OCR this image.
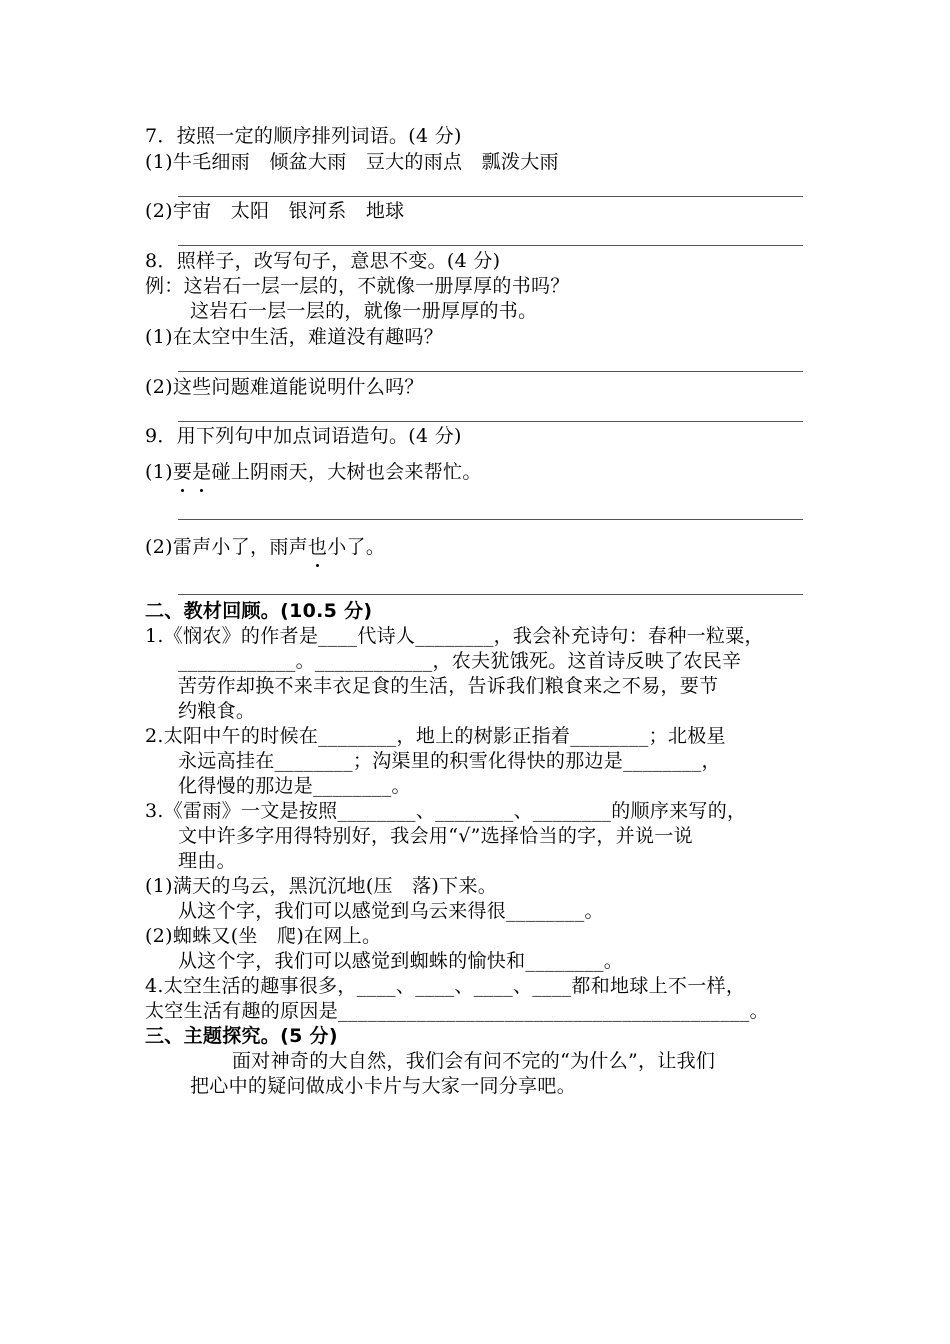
7．按照一定的顺序排列词语。(4 分)
(1)牛毛细雨　倾盆大雨　豆大的雨点　瓢泼大雨
(2)宇宙　太阳　银河系　地球
8．照样子，改写句子，意思不变。(4 分)
例：这岩石一层一层的，不就像一册厚厚的书吗？
这岩石一层一层的，就像一册厚厚的书。
(1)在太空中生活，难道没有趣吗？
(2)这些问题难道能说明什么吗？
9．用下列句中加点词语造句。(4 分)
(1)要是碰上阴雨天，大树也会来帮忙。
(2)雷声小了，雨声也小了。
二、教材回顾。(10.5 分)
1.《悯农》的作者是____代诗人________，我会补充诗句：春种一粒粟，
____________。____________，农夫犹饿死。这首诗反映了农民辛
苦劳作却换不来丰衣足食的生活，告诉我们粮食来之不易，要节
约粮食。
2.太阳中午的时候在________，地上的树影正指着________；北极星
永远高挂在________；沟渠里的积雪化得快的那边是________，
化得慢的那边是________。
3.《雷雨》一文是按照________、________、________的顺序来写的，
文中许多字用得特别好，我会用“√”选择恰当的字，并说一说
理由。
(1)满天的乌云，黑沉沉地(压　落)下来。
从这个字，我们可以感觉到乌云来得很________。
(2)蜘蛛又(坐　爬)在网上。
从这个字，我们可以感觉到蜘蛛的愉快和________。
4.太空生活的趣事很多，____、____、____、____都和地球上不一样，
太空生活有趣的原因是__________________________________________。
三、主题探究。(5 分)
面对神奇的大自然，我们会有问不完的“为什么”，让我们
把心中的疑问做成小卡片与大家一同分享吧。
